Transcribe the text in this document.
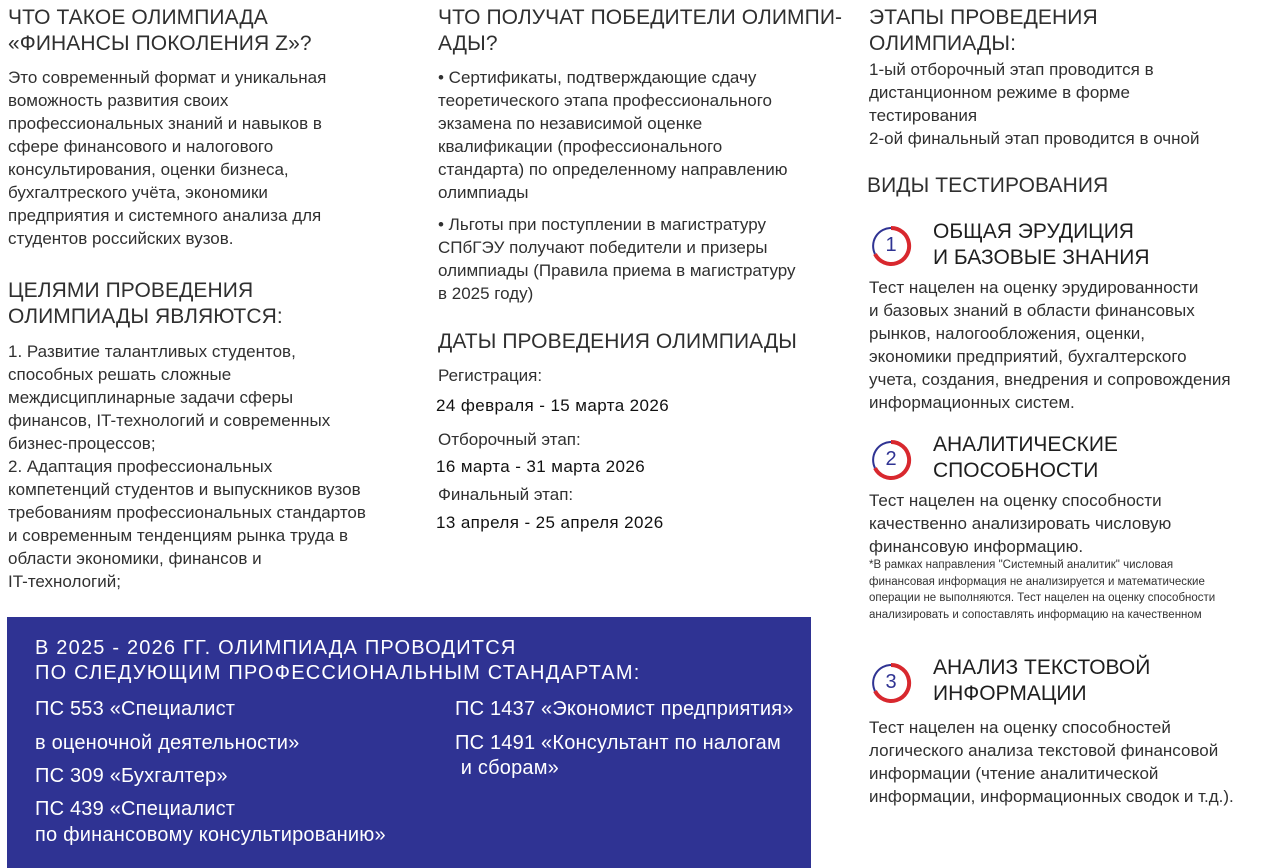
ЧТО ТАКОЕ ОЛИМПИАДА
«ФИНАНСЫ ПОКОЛЕНИЯ Z»?
Это современный формат и уникальная
воможность развития своих
профессиональных знаний и навыков в
сфере финансового и налогового
консультирования, оценки бизнеса,
бухгалтреского учёта, экономики
предприятия и системного анализа для
студентов российских вузов.
ЦЕЛЯМИ ПРОВЕДЕНИЯ
ОЛИМПИАДЫ ЯВЛЯЮТСЯ:
1. Развитие талантливых студентов,
способных решать сложные
междисциплинарные задачи сферы
финансов, IT-технологий и современных
бизнес-процессов;
2. Адаптация профессиональных
компетенций студентов и выпускников вузов
требованиям профессиональных стандартов
и современным тенденциям рынка труда в
области экономики, финансов и
IT-технологий;
ЧТО ПОЛУЧАТ ПОБЕДИТЕЛИ ОЛИМПИ-
АДЫ?
• Сертификаты, подтверждающие сдачу
теоретического этапа профессионального
экзамена по независимой оценке
квалификации (профессионального
стандарта) по определенному направлению
олимпиады
• Льготы при поступлении в магистратуру
СПбГЭУ получают победители и призеры
олимпиады (Правила приема в магистратуру
в 2025 году)
ДАТЫ ПРОВЕДЕНИЯ ОЛИМПИАДЫ
Регистрация:
24 февраля - 15 марта 2026
Отборочный этап:
16 марта - 31 марта 2026
Финальный этап:
13 апреля - 25 апреля 2026
ЭТАПЫ ПРОВЕДЕНИЯ
ОЛИМПИАДЫ:
1-ый отборочный этап проводится в
дистанционном режиме в форме
тестирования
2-ой финальный этап проводится в очной
ВИДЫ ТЕСТИРОВАНИЯ
1
ОБЩАЯ ЭРУДИЦИЯ
И БАЗОВЫЕ ЗНАНИЯ
Тест нацелен на оценку эрудированности
и базовых знаний в области финансовых
рынков, налогообложения, оценки,
экономики предприятий, бухгалтерского
учета, создания, внедрения и сопровождения
информационных систем.
2
АНАЛИТИЧЕСКИЕ
СПОСОБНОСТИ
Тест нацелен на оценку способности
качественно анализировать числовую
финансовую информацию.
*В рамках направления "Системный аналитик" числовая
финансовая информация не анализируется и математические
операции не выполняются. Тест нацелен на оценку способности
анализировать и сопоставлять информацию на качественном
3
АНАЛИЗ ТЕКСТОВОЙ
ИНФОРМАЦИИ
Тест нацелен на оценку способностей
логического анализа текстовой финансовой
информации (чтение аналитической
информации, информационных сводок и т.д.).
В 2025 - 2026 ГГ. ОЛИМПИАДА ПРОВОДИТСЯ
ПО СЛЕДУЮЩИМ ПРОФЕССИОНАЛЬНЫМ СТАНДАРТАМ:
ПС 553 «Специалист
в оценочной деятельности»
ПС 309 «Бухгалтер»
ПС 439 «Специалист
по финансовому консультированию»
ПС 1437 «Экономист предприятия»
ПС 1491 «Консультант по налогам
и сборам»
